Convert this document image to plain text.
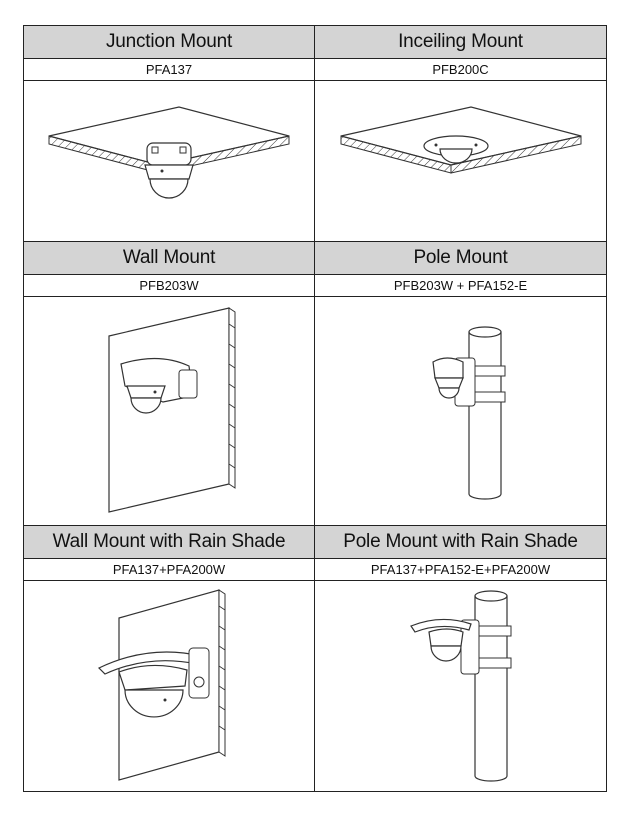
Junction Mount	Inceiling Mount
PFA137	PFB200C

Wall Mount	Pole Mount
PFB203W	PFB203W + PFA152-E

Wall Mount with Rain Shade	Pole Mount with Rain Shade
PFA137+PFA200W	PFA137+PFA152-E+PFA200W
